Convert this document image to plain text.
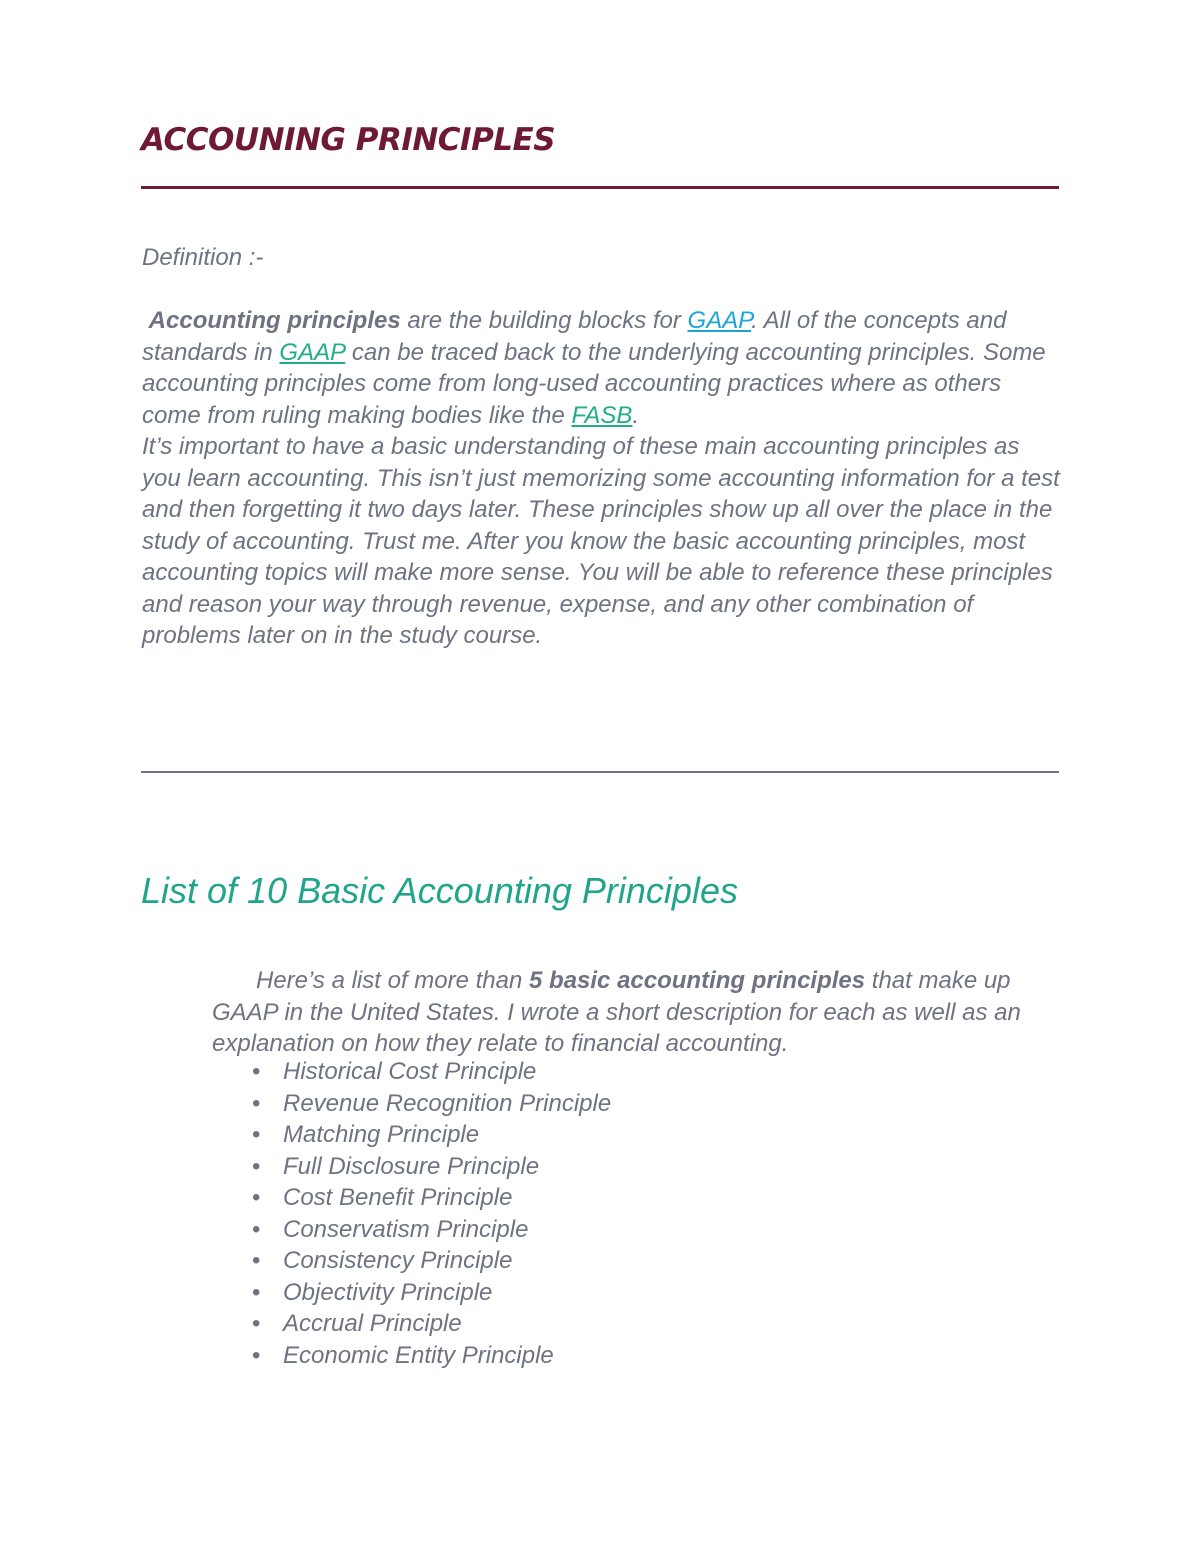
ACCOUNING PRINCIPLES

Definition :-

Accounting principles are the building blocks for GAAP. All of the concepts and standards in GAAP can be traced back to the underlying accounting principles. Some accounting principles come from long-used accounting practices where as others come from ruling making bodies like the FASB.

It’s important to have a basic understanding of these main accounting principles as you learn accounting. This isn’t just memorizing some accounting information for a test and then forgetting it two days later. These principles show up all over the place in the study of accounting. Trust me. After you know the basic accounting principles, most accounting topics will make more sense. You will be able to reference these principles and reason your way through revenue, expense, and any other combination of problems later on in the study course.

List of 10 Basic Accounting Principles

Here’s a list of more than 5 basic accounting principles that make up GAAP in the United States. I wrote a short description for each as well as an explanation on how they relate to financial accounting.

• Historical Cost Principle
• Revenue Recognition Principle
• Matching Principle
• Full Disclosure Principle
• Cost Benefit Principle
• Conservatism Principle
• Consistency Principle
• Objectivity Principle
• Accrual Principle
• Economic Entity Principle
